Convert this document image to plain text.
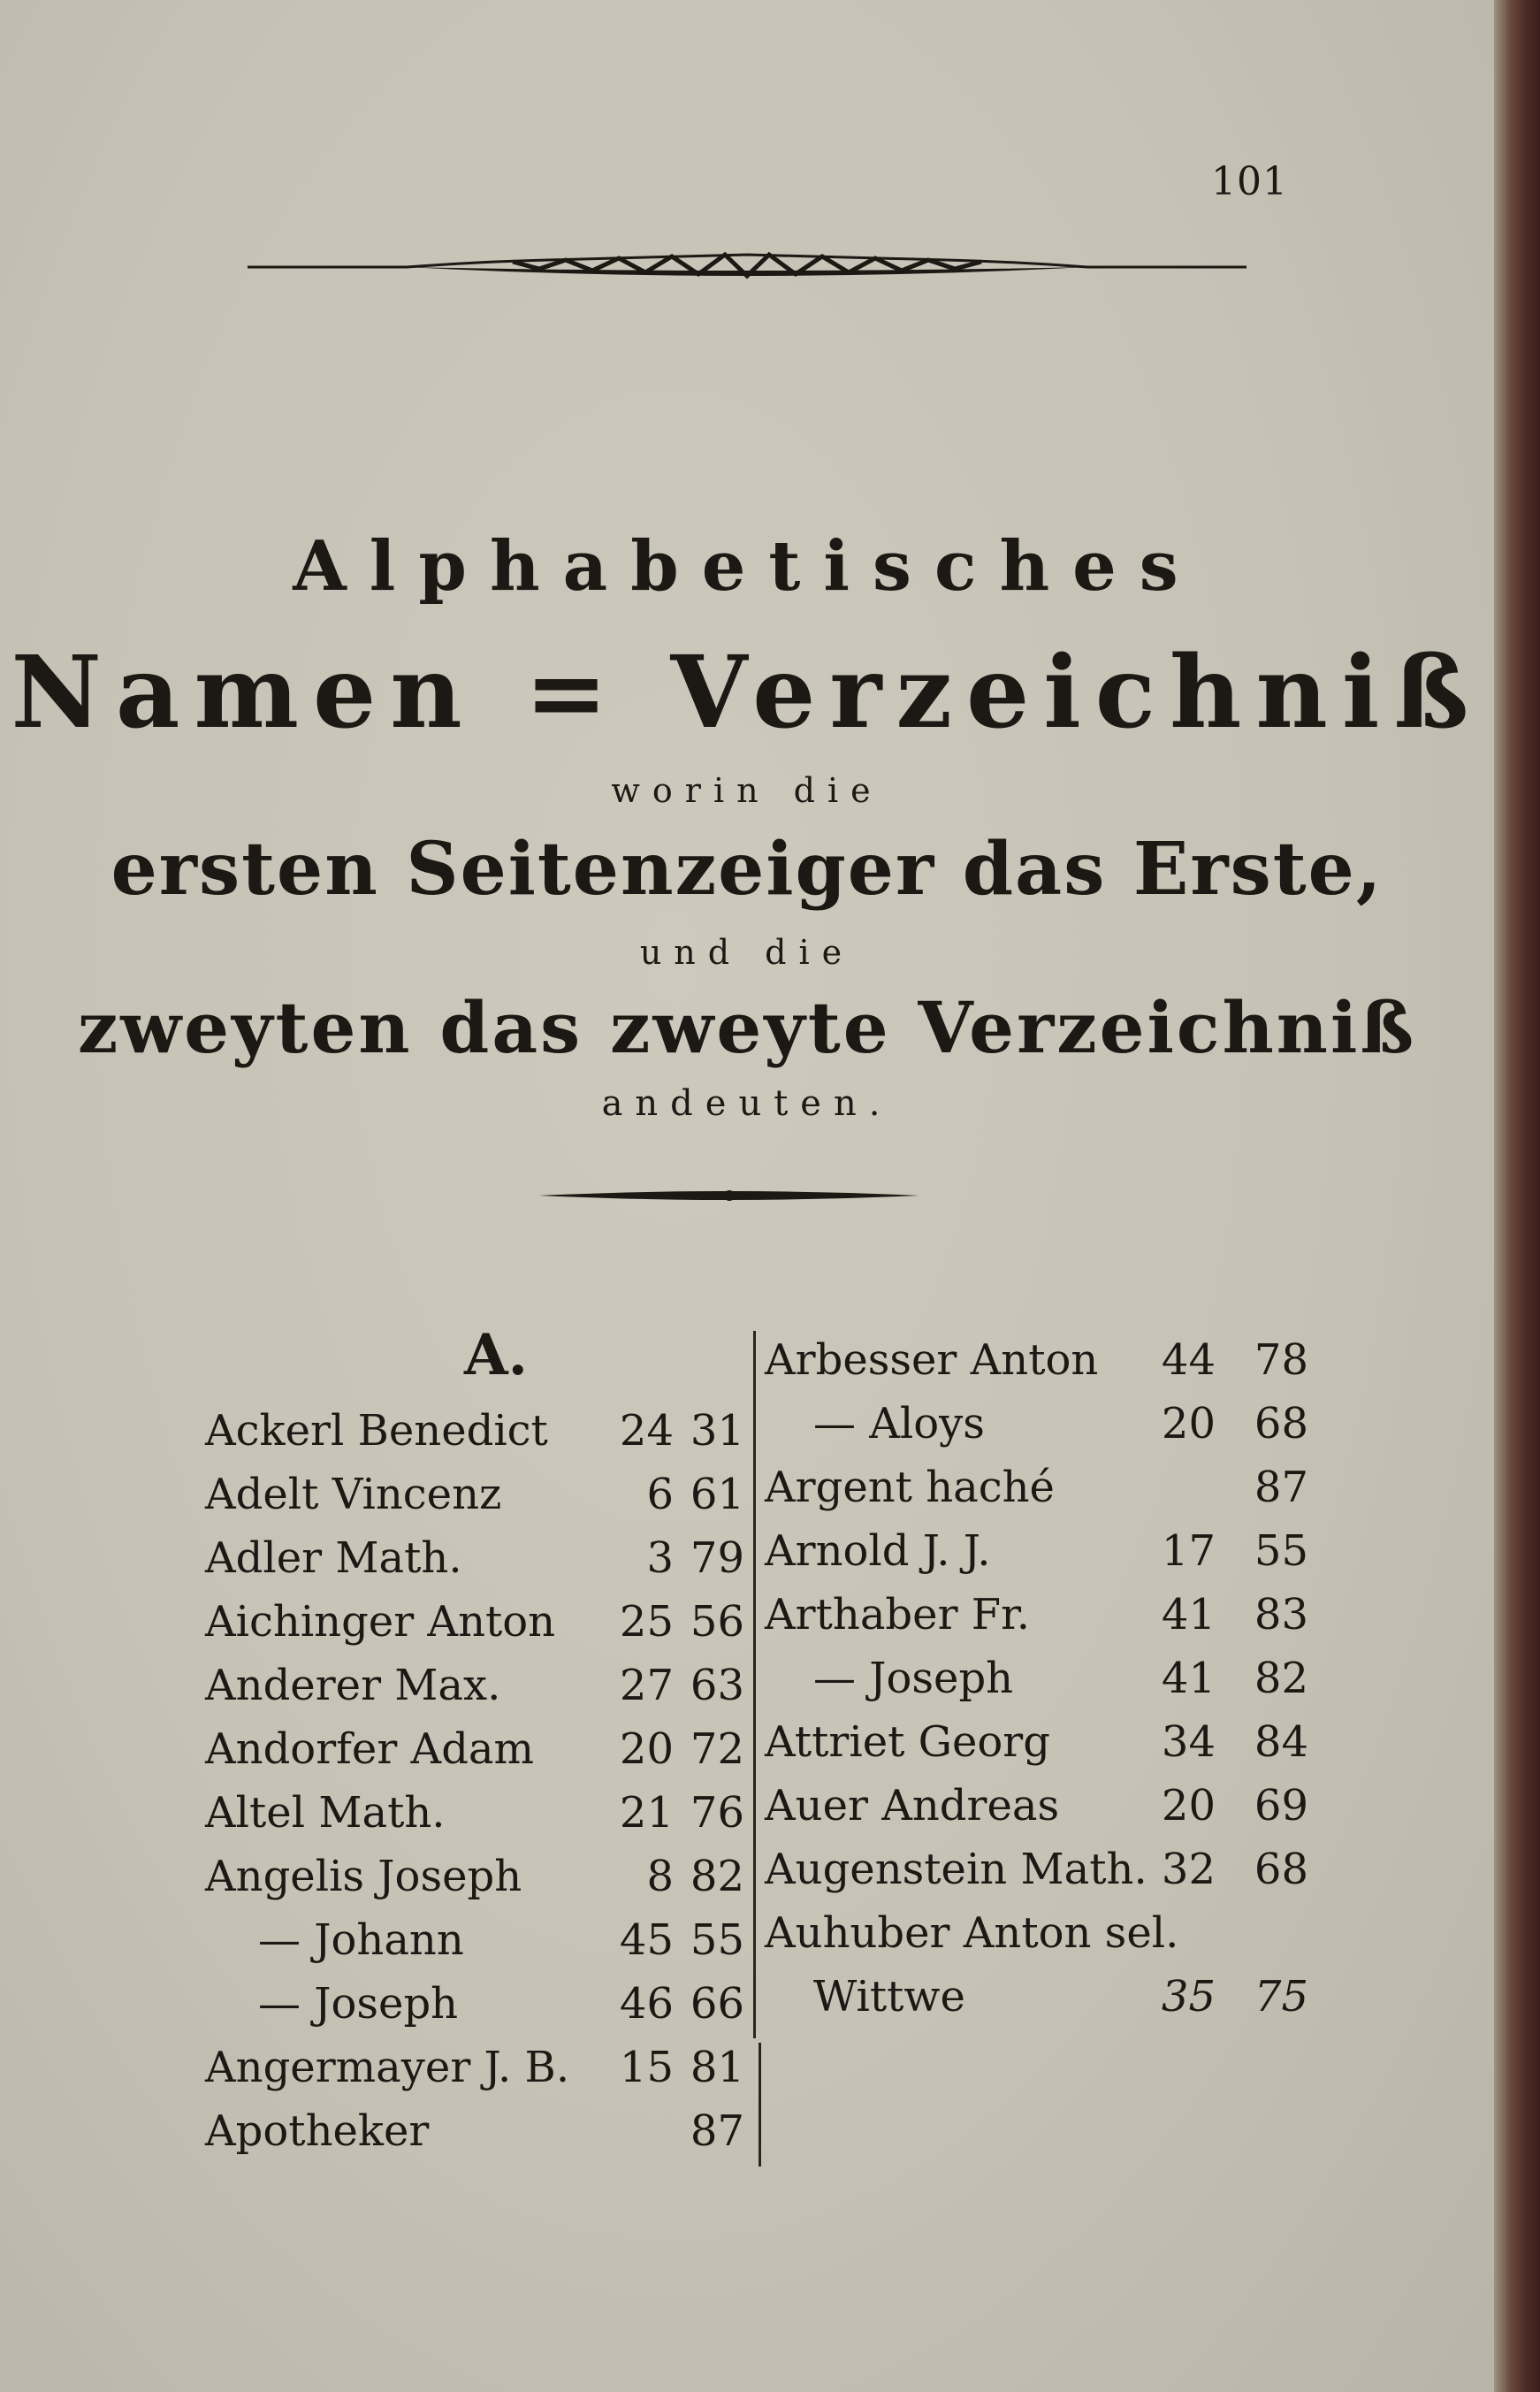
101
Alphabetisches
Namen = Verzeichniß
worin die
ersten Seitenzeiger das Erste,
und die
zweyten das zweyte Verzeichniß
andeuten.
A.
Ackerl Benedict 24 31
Adelt Vincenz	6 61
Adler Math.	3 79
Aichinger Anton 25 56
Anderer Max.	27 63
Andorfer Adam 20 72
Altel Math.	21 76
Angelis Joseph	8 82
— Johann	45 55
— Joseph	46 66
Angermayer J. B. 15 81
Apotheker	87
Arbesser Anton 44 78
— Aloys	20 68
Argent haché	87
Arnold J. J.	17 55
Arthaber Fr.	41 83
— Joseph	41 82
Attriet Georg	34 84
Auer Andreas 20 69
Augenstein Math. 32 68
Auhuber Anton sel.
Wittwe	35 75
